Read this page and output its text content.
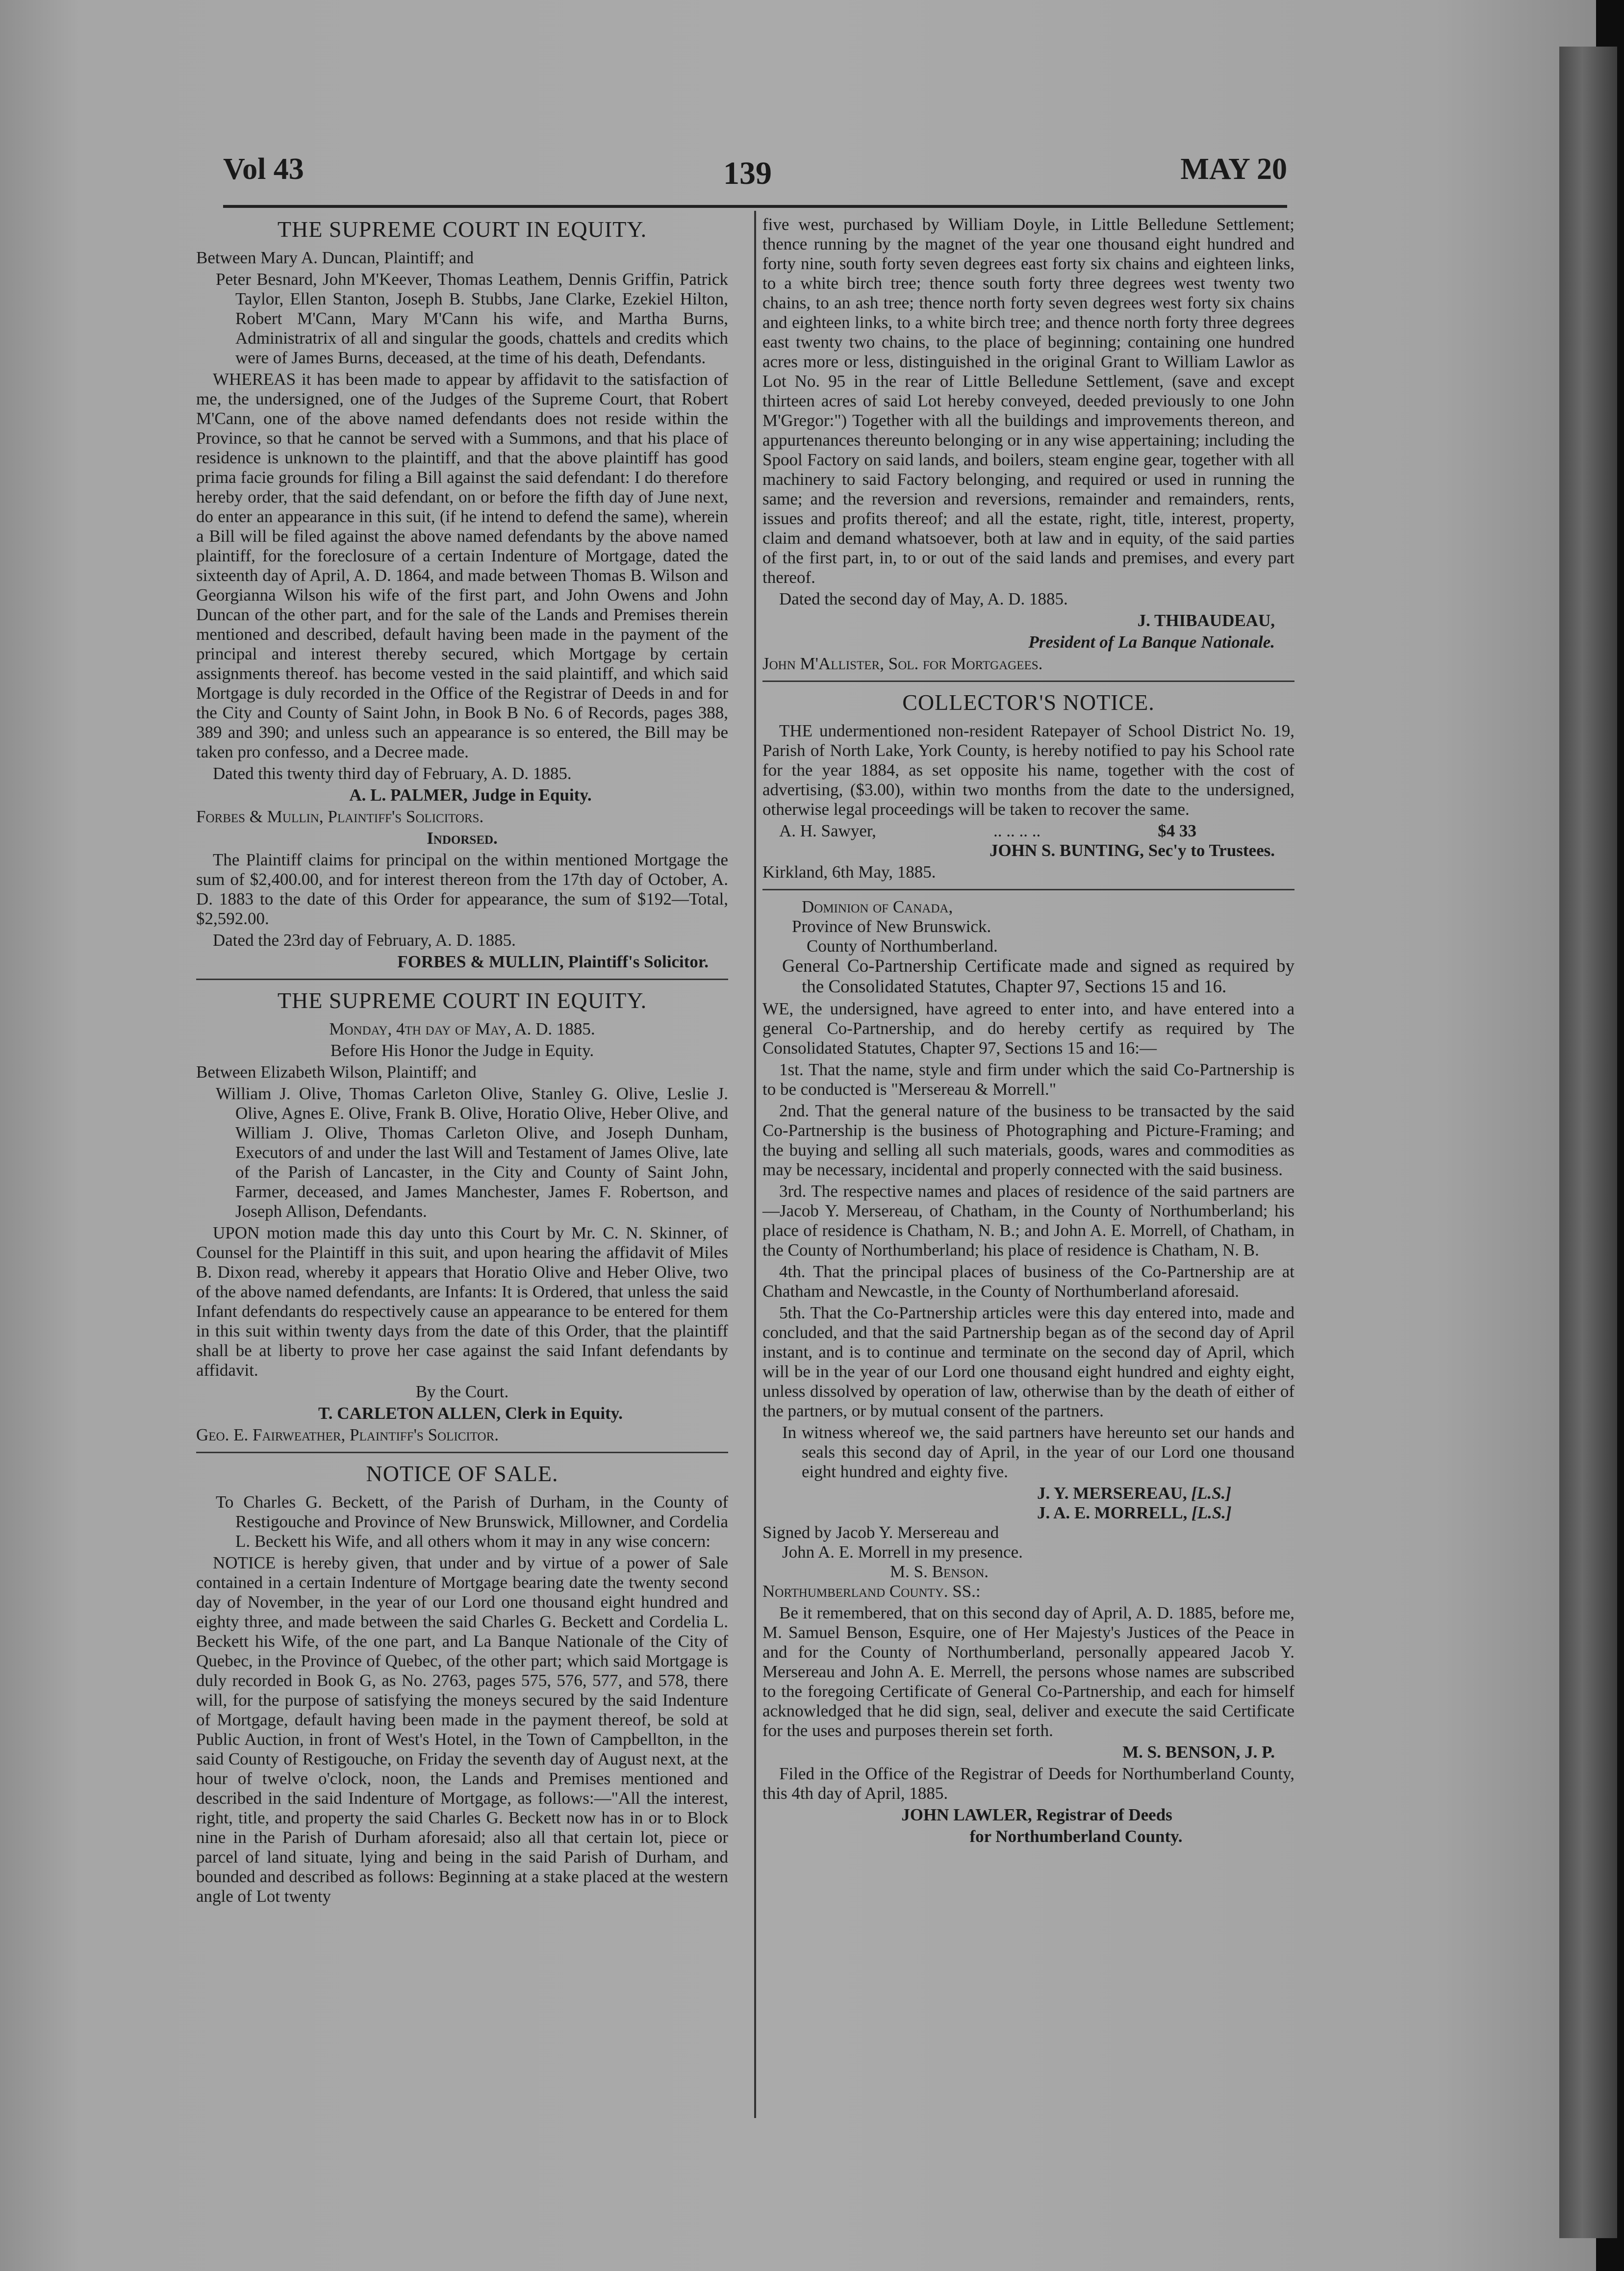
Vol 43	139	MAY 20
THE SUPREME COURT IN EQUITY.

Between Mary A. Duncan, Plaintiff; and

Peter Besnard, John M'Keever, Thomas Leathem, Dennis Griffin, Patrick Taylor, Ellen Stanton, Joseph B. Stubbs, Jane Clarke, Ezekiel Hilton, Robert M'Cann, Mary M'Cann his wife, and Martha Burns, Administratrix of all and singular the goods, chattels and credits which were of James Burns, deceased, at the time of his death, Defendants.

WHEREAS it has been made to appear by affidavit to the satisfaction of me, the undersigned, one of the Judges of the Supreme Court, that Robert M'Cann, one of the above named defendants does not reside within the Province, so that he cannot be served with a Summons, and that his place of residence is unknown to the plaintiff, and that the above plaintiff has good prima facie grounds for filing a Bill against the said defendant: I do therefore hereby order, that the said defendant, on or before the fifth day of June next, do enter an appearance in this suit, (if he intend to defend the same), wherein a Bill will be filed against the above named defendants by the above named plaintiff, for the foreclosure of a certain Indenture of Mortgage, dated the sixteenth day of April, A. D. 1864, and made between Thomas B. Wilson and Georgianna Wilson his wife of the first part, and John Owens and John Duncan of the other part, and for the sale of the Lands and Premises therein mentioned and described, default having been made in the payment of the principal and interest thereby secured, which Mortgage by certain assignments thereof. has become vested in the said plaintiff, and which said Mortgage is duly recorded in the Office of the Registrar of Deeds in and for the City and County of Saint John, in Book B No. 6 of Records, pages 388, 389 and 390; and unless such an appearance is so entered, the Bill may be taken pro confesso, and a Decree made.

Dated this twenty third day of February, A. D. 1885.

A. L. PALMER, Judge in Equity.

Forbes & Mullin, Plaintiff's Solicitors.

Indorsed.

The Plaintiff claims for principal on the within mentioned Mortgage the sum of $2,400.00, and for interest thereon from the 17th day of October, A. D. 1883 to the date of this Order for appearance, the sum of $192—Total, $2,592.00.

Dated the 23rd day of February, A. D. 1885.

FORBES & MULLIN, Plaintiff's Solicitor.

THE SUPREME COURT IN EQUITY.

Monday, 4th day of May, A. D. 1885.

Before His Honor the Judge in Equity.

Between Elizabeth Wilson, Plaintiff; and

William J. Olive, Thomas Carleton Olive, Stanley G. Olive, Leslie J. Olive, Agnes E. Olive, Frank B. Olive, Horatio Olive, Heber Olive, and William J. Olive, Thomas Carleton Olive, and Joseph Dunham, Executors of and under the last Will and Testament of James Olive, late of the Parish of Lancaster, in the City and County of Saint John, Farmer, deceased, and James Manchester, James F. Robertson, and Joseph Allison, Defendants.

UPON motion made this day unto this Court by Mr. C. N. Skinner, of Counsel for the Plaintiff in this suit, and upon hearing the affidavit of Miles B. Dixon read, whereby it appears that Horatio Olive and Heber Olive, two of the above named defendants, are Infants: It is Ordered, that unless the said Infant defendants do respectively cause an appearance to be entered for them in this suit within twenty days from the date of this Order, that the plaintiff shall be at liberty to prove her case against the said Infant defendants by affidavit.

By the Court.

T. CARLETON ALLEN, Clerk in Equity.

Geo. E. Fairweather, Plaintiff's Solicitor.

NOTICE OF SALE.

To Charles G. Beckett, of the Parish of Durham, in the County of Restigouche and Province of New Brunswick, Millowner, and Cordelia L. Beckett his Wife, and all others whom it may in any wise concern:

NOTICE is hereby given, that under and by virtue of a power of Sale contained in a certain Indenture of Mortgage bearing date the twenty second day of November, in the year of our Lord one thousand eight hundred and eighty three, and made between the said Charles G. Beckett and Cordelia L. Beckett his Wife, of the one part, and La Banque Nationale of the City of Quebec, in the Province of Quebec, of the other part; which said Mortgage is duly recorded in Book G, as No. 2763, pages 575, 576, 577, and 578, there will, for the purpose of satisfying the moneys secured by the said Indenture of Mortgage, default having been made in the payment thereof, be sold at Public Auction, in front of West's Hotel, in the Town of Campbellton, in the said County of Restigouche, on Friday the seventh day of August next, at the hour of twelve o'clock, noon, the Lands and Premises mentioned and described in the said Indenture of Mortgage, as follows:—"All the interest, right, title, and property the said Charles G. Beckett now has in or to Block nine in the Parish of Durham aforesaid; also all that certain lot, piece or parcel of land situate, lying and being in the said Parish of Durham, and bounded and described as follows: Beginning at a stake placed at the western angle of Lot twenty

five west, purchased by William Doyle, in Little Belledune Settlement; thence running by the magnet of the year one thousand eight hundred and forty nine, south forty seven degrees east forty six chains and eighteen links, to a white birch tree; thence south forty three degrees west twenty two chains, to an ash tree; thence north forty seven degrees west forty six chains and eighteen links, to a white birch tree; and thence north forty three degrees east twenty two chains, to the place of beginning; containing one hundred acres more or less, distinguished in the original Grant to William Lawlor as Lot No. 95 in the rear of Little Belledune Settlement, (save and except thirteen acres of said Lot hereby conveyed, deeded previously to one John M'Gregor:") Together with all the buildings and improvements thereon, and appurtenances thereunto belonging or in any wise appertaining; including the Spool Factory on said lands, and boilers, steam engine gear, together with all machinery to said Factory belonging, and required or used in running the same; and the reversion and reversions, remainder and remainders, rents, issues and profits thereof; and all the estate, right, title, interest, property, claim and demand whatsoever, both at law and in equity, of the said parties of the first part, in, to or out of the said lands and premises, and every part thereof.

Dated the second day of May, A. D. 1885.

J. THIBAUDEAU,

President of La Banque Nationale.

John M'Allister, Sol. for Mortgagees.

COLLECTOR'S NOTICE.

THE undermentioned non-resident Ratepayer of School District No. 19, Parish of North Lake, York County, is hereby notified to pay his School rate for the year 1884, as set opposite his name, together with the cost of advertising, ($3.00), within two months from the date to the undersigned, otherwise legal proceedings will be taken to recover the same.

A. H. Sawyer,	.. .. .. ..	$4 33

JOHN S. BUNTING, Sec'y to Trustees.

Kirkland, 6th May, 1885.

Dominion of Canada,
Province of New Brunswick.
County of Northumberland.

General Co-Partnership Certificate made and signed as required by the Consolidated Statutes, Chapter 97, Sections 15 and 16.

WE, the undersigned, have agreed to enter into, and have entered into a general Co-Partnership, and do hereby certify as required by The Consolidated Statutes, Chapter 97, Sections 15 and 16:—

1st. That the name, style and firm under which the said Co-Partnership is to be conducted is "Mersereau & Morrell."

2nd. That the general nature of the business to be transacted by the said Co-Partnership is the business of Photographing and Picture-Framing; and the buying and selling all such materials, goods, wares and commodities as may be necessary, incidental and properly connected with the said business.

3rd. The respective names and places of residence of the said partners are—Jacob Y. Mersereau, of Chatham, in the County of Northumberland; his place of residence is Chatham, N. B.; and John A. E. Morrell, of Chatham, in the County of Northumberland; his place of residence is Chatham, N. B.

4th. That the principal places of business of the Co-Partnership are at Chatham and Newcastle, in the County of Northumberland aforesaid.

5th. That the Co-Partnership articles were this day entered into, made and concluded, and that the said Partnership began as of the second day of April instant, and is to continue and terminate on the second day of April, which will be in the year of our Lord one thousand eight hundred and eighty eight, unless dissolved by operation of law, otherwise than by the death of either of the partners, or by mutual consent of the partners.

In witness whereof we, the said partners have hereunto set our hands and seals this second day of April, in the year of our Lord one thousand eight hundred and eighty five.

J. Y. MERSEREAU, [L.S.]
J. A. E. MORRELL, [L.S.]
Signed by Jacob Y. Mersereau and
John A. E. Morrell in my presence.
M. S. Benson.

Northumberland County. SS.:

Be it remembered, that on this second day of April, A. D. 1885, before me, M. Samuel Benson, Esquire, one of Her Majesty's Justices of the Peace in and for the County of Northumberland, personally appeared Jacob Y. Mersereau and John A. E. Merrell, the persons whose names are subscribed to the foregoing Certificate of General Co-Partnership, and each for himself acknowledged that he did sign, seal, deliver and execute the said Certificate for the uses and purposes therein set forth.

M. S. BENSON, J. P.

Filed in the Office of the Registrar of Deeds for Northumberland County, this 4th day of April, 1885.

JOHN LAWLER, Registrar of Deeds

for Northumberland County.
